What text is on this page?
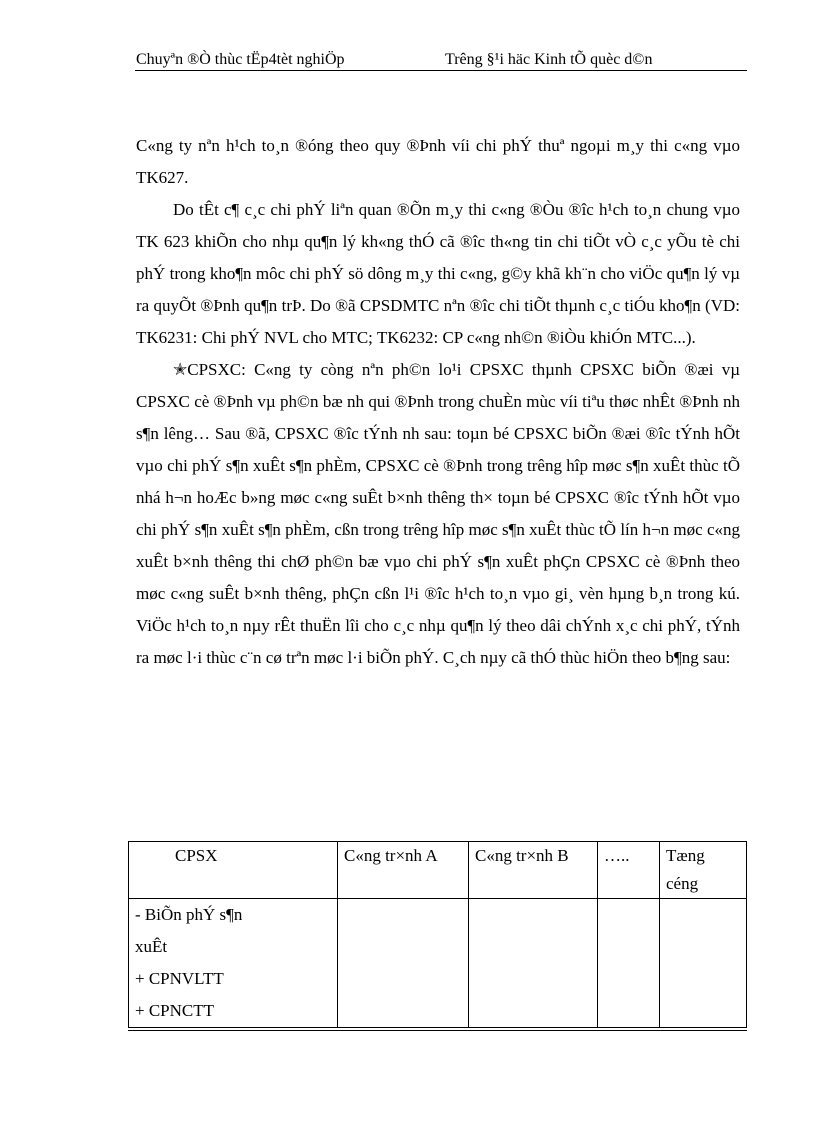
Chuyªn ®Ò thùc tËp4tèt nghiÖp	Trêng §¹i häc Kinh tÕ quèc d©n

C«ng ty nªn h¹ch to¸n ®óng theo quy ®Þnh víi chi phÝ thuª ngoµi m¸y thi c«ng vµo TK627.

Do tÊt c¶ c¸c chi phÝ liªn quan ®Õn m¸y thi c«ng ®Òu ®îc h¹ch to¸n chung vµo TK 623 khiÕn cho nhµ qu¶n lý kh«ng thÓ cã ®îc th«ng tin chi tiÕt vÒ c¸c yÕu tè chi phÝ trong kho¶n môc chi phÝ sö dông m¸y thi c«ng, g©y khã kh¨n cho viÖc qu¶n lý vµ ra quyÕt ®Þnh qu¶n trÞ. Do ®ã CPSDMTC nªn ®îc chi tiÕt thµnh c¸c tiÓu kho¶n (VD: TK6231: Chi phÝ NVL cho MTC; TK6232: CP c«ng nh©n ®iÒu khiÓn MTC...).

✭CPSXC: C«ng ty còng nªn ph©n lo¹i CPSXC thµnh CPSXC biÕn ®æi vµ CPSXC cè ®Þnh vµ ph©n bæ nh qui ®Þnh trong chuÈn mùc víi tiªu thøc nhÊt ®Þnh nh s¶n lêng… Sau ®ã, CPSXC ®îc tÝnh nh sau: toµn bé CPSXC biÕn ®æi ®îc tÝnh hÕt vµo chi phÝ s¶n xuÊt s¶n phÈm, CPSXC cè ®Þnh trong trêng hîp møc s¶n xuÊt thùc tÕ nhá h¬n hoÆc b»ng møc c«ng suÊt b×nh thêng th× toµn bé CPSXC ®îc tÝnh hÕt vµo chi phÝ s¶n xuÊt s¶n phÈm, cßn trong trêng hîp møc s¶n xuÊt thùc tÕ lín h¬n møc c«ng xuÊt b×nh thêng thi chØ ph©n bæ vµo chi phÝ s¶n xuÊt phÇn CPSXC cè ®Þnh theo møc c«ng suÊt b×nh thêng, phÇn cßn l¹i ®îc h¹ch to¸n vµo gi¸ vèn hµng b¸n trong kú. ViÖc h¹ch to¸n nµy rÊt thuËn lîi cho c¸c nhµ qu¶n lý theo dâi chÝnh x¸c chi phÝ, tÝnh ra møc l·i thùc c¨n cø trªn møc l·i biÕn phÝ. C¸ch nµy cã thÓ thùc hiÖn theo b¶ng sau:

CPSX	C«ng tr×nh A	C«ng tr×nh B	…..	Tæng céng

- BiÕn phÝ s¶n
xuÊt
+ CPNVLTT
+ CPNCTT				
